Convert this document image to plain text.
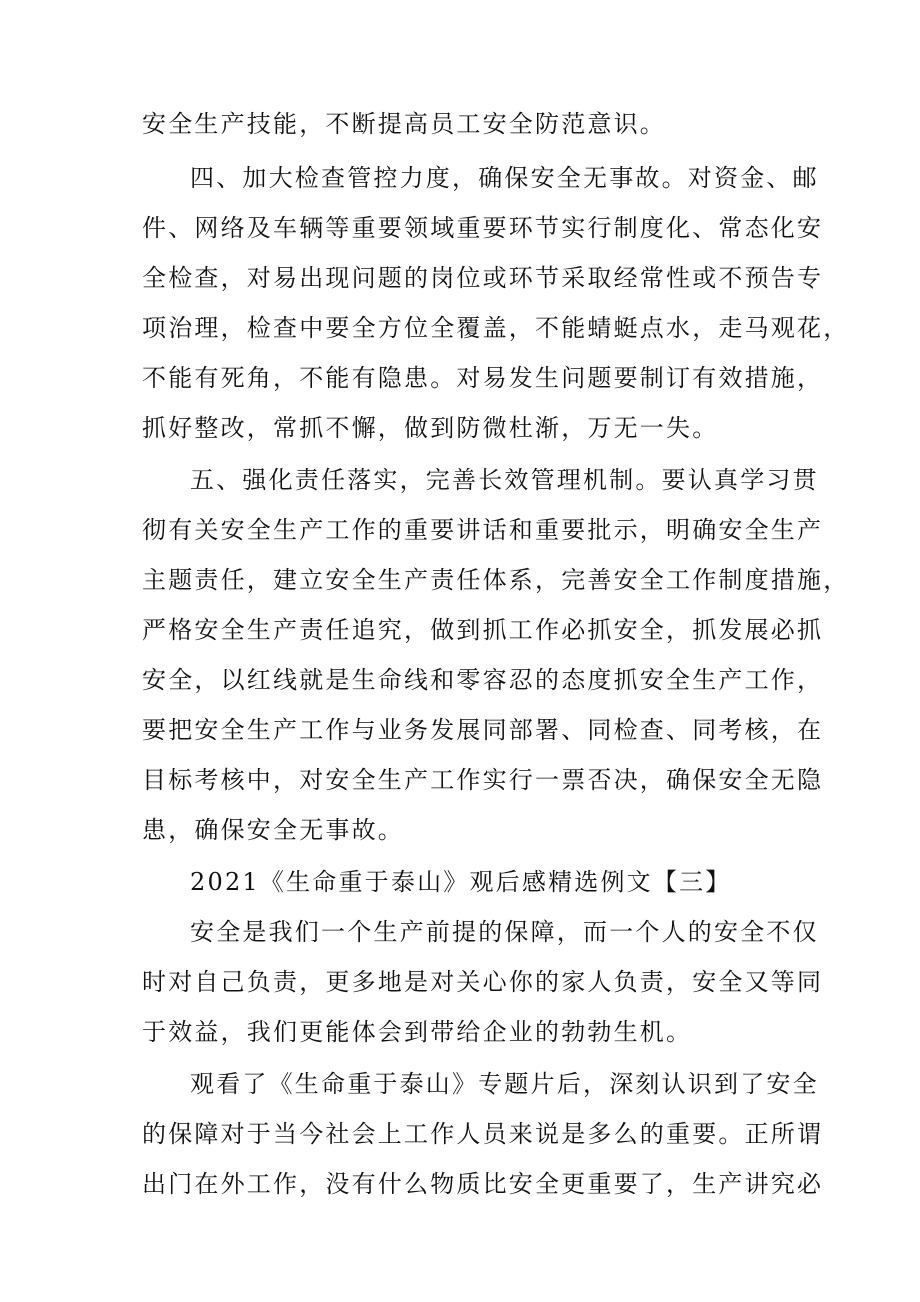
安全生产技能，不断提高员工安全防范意识。
四、加大检查管控力度，确保安全无事故。对资金、邮
件、网络及车辆等重要领域重要环节实行制度化、常态化安
全检查，对易出现问题的岗位或环节采取经常性或不预告专
项治理，检查中要全方位全覆盖，不能蜻蜓点水，走马观花，
不能有死角，不能有隐患。对易发生问题要制订有效措施，
抓好整改，常抓不懈，做到防微杜渐，万无一失。
五、强化责任落实，完善长效管理机制。要认真学习贯
彻有关安全生产工作的重要讲话和重要批示，明确安全生产
主题责任，建立安全生产责任体系，完善安全工作制度措施，
严格安全生产责任追究，做到抓工作必抓安全，抓发展必抓
安全，以红线就是生命线和零容忍的态度抓安全生产工作，
要把安全生产工作与业务发展同部署、同检查、同考核，在
目标考核中，对安全生产工作实行一票否决，确保安全无隐
患，确保安全无事故。
2021《生命重于泰山》观后感精选例文【三】
安全是我们一个生产前提的保障，而一个人的安全不仅
时对自己负责，更多地是对关心你的家人负责，安全又等同
于效益，我们更能体会到带给企业的勃勃生机。
观看了《生命重于泰山》专题片后，深刻认识到了安全
的保障对于当今社会上工作人员来说是多么的重要。正所谓
出门在外工作，没有什么物质比安全更重要了，生产讲究必
